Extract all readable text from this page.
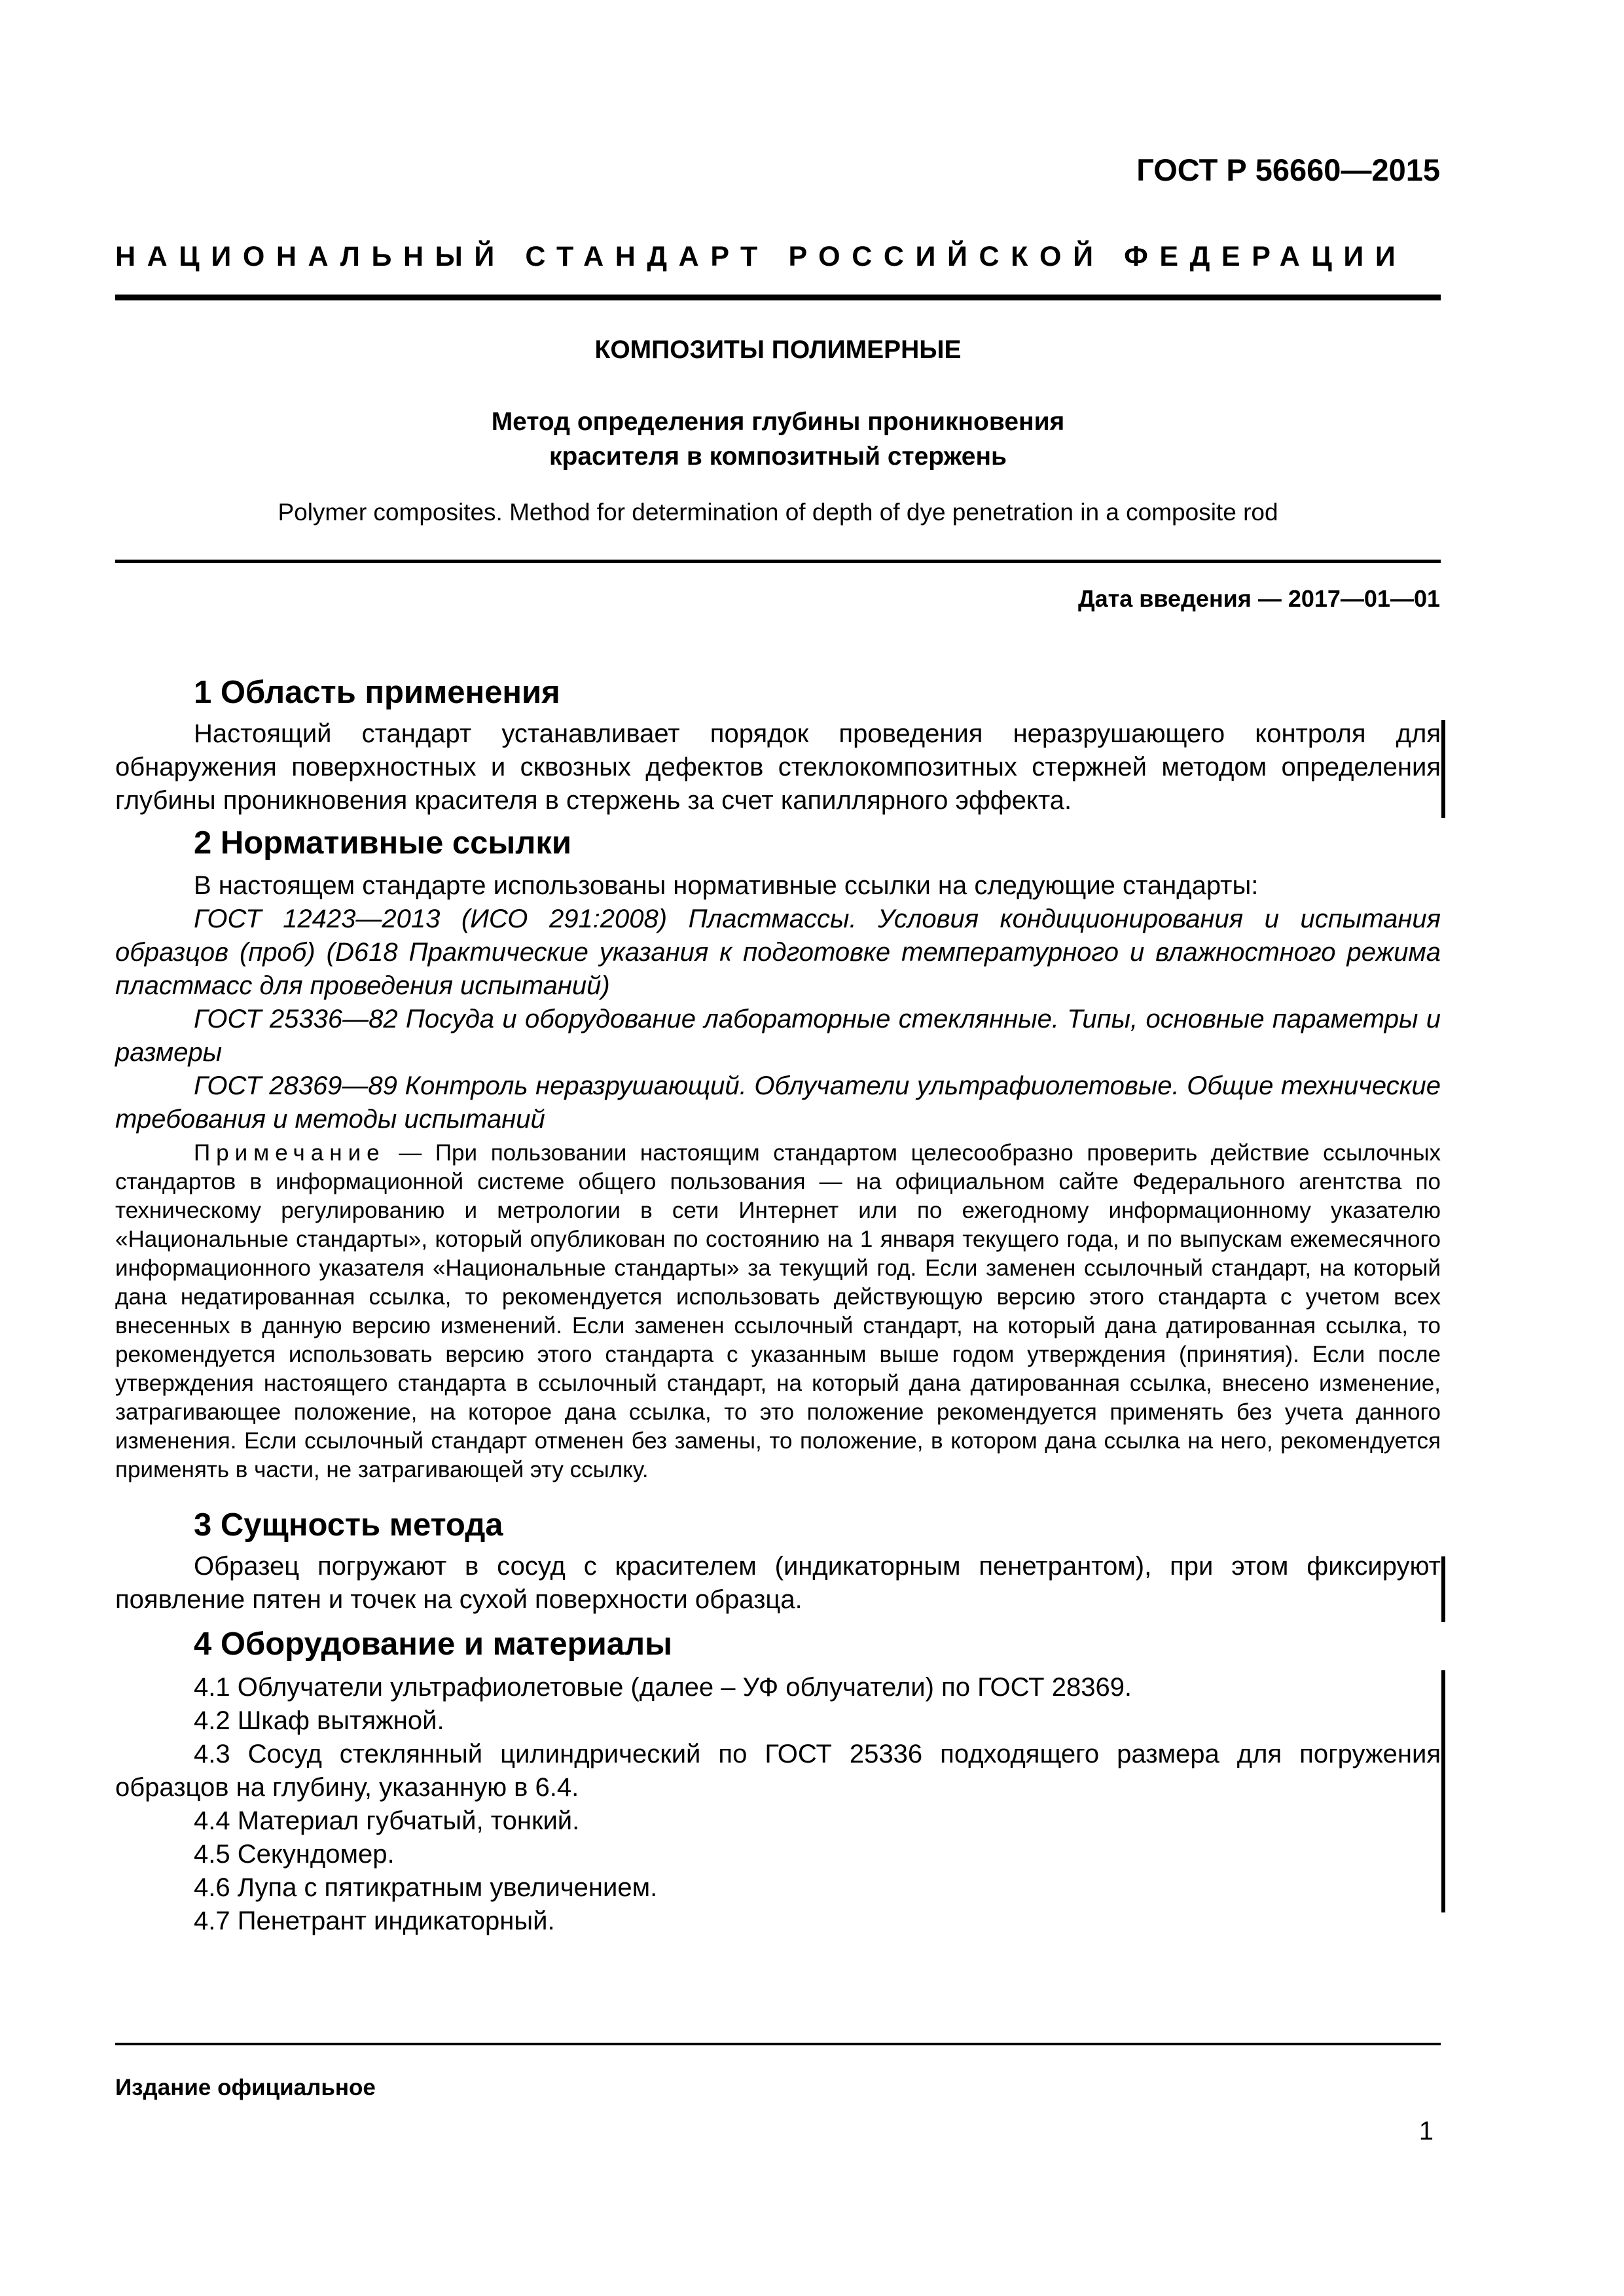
ГОСТ Р 56660—2015
НАЦИОНАЛЬНЫЙ СТАНДАРТ РОССИЙСКОЙ ФЕДЕРАЦИИ
КОМПОЗИТЫ ПОЛИМЕРНЫЕ
Метод определения глубины проникновения
красителя в композитный стержень
Polymer composites. Method for determination of depth of dye penetration in a composite rod
Дата введения — 2017—01—01
1 Область применения

Настоящий стандарт устанавливает порядок проведения неразрушающего контроля для обнаружения поверхностных и сквозных дефектов стеклокомпозитных стержней методом определения глубины проникновения красителя в стержень за счет капиллярного эффекта.

2 Нормативные ссылки

В настоящем стандарте использованы нормативные ссылки на следующие стандарты:

ГОСТ 12423—2013 (ИСО 291:2008) Пластмассы. Условия кондиционирования и испытания образцов (проб) (D618 Практические указания к подготовке температурного и влажностного режима пластмасс для проведения испытаний)

ГОСТ 25336—82 Посуда и оборудование лабораторные стеклянные. Типы, основные параметры и размеры

ГОСТ 28369—89 Контроль неразрушающий. Облучатели ультрафиолетовые. Общие технические требования и методы испытаний

Примечание — При пользовании настоящим стандартом целесообразно проверить действие ссылочных стандартов в информационной системе общего пользования — на официальном сайте Федерального агентства по техническому регулированию и метрологии в сети Интернет или по ежегодному информационному указателю «Национальные стандарты», который опубликован по состоянию на 1 января текущего года, и по выпускам ежемесячного информационного указателя «Национальные стандарты» за текущий год. Если заменен ссылочный стандарт, на который дана недатированная ссылка, то рекомендуется использовать действующую версию этого стандарта с учетом всех внесенных в данную версию изменений. Если заменен ссылочный стандарт, на который дана датированная ссылка, то рекомендуется использовать версию этого стандарта с указанным выше годом утверждения (принятия). Если после утверждения настоящего стандарта в ссылочный стандарт, на который дана датированная ссылка, внесено изменение, затрагивающее положение, на которое дана ссылка, то это положение рекомендуется применять без учета данного изменения. Если ссылочный стандарт отменен без замены, то положение, в котором дана ссылка на него, рекомендуется применять в части, не затрагивающей эту ссылку.

3 Сущность метода

Образец погружают в сосуд с красителем (индикаторным пенетрантом), при этом фиксируют появление пятен и точек на сухой поверхности образца.

4 Оборудование и материалы
4.1 Облучатели ультрафиолетовые (далее – УФ облучатели) по ГОСТ 28369.
4.2 Шкаф вытяжной.
4.3 Сосуд стеклянный цилиндрический по ГОСТ 25336 подходящего размера для погружения образцов на глубину, указанную в 6.4.
4.4 Материал губчатый, тонкий.
4.5 Секундомер.
4.6 Лупа с пятикратным увеличением.
4.7 Пенетрант индикаторный.
Издание официальное
1
